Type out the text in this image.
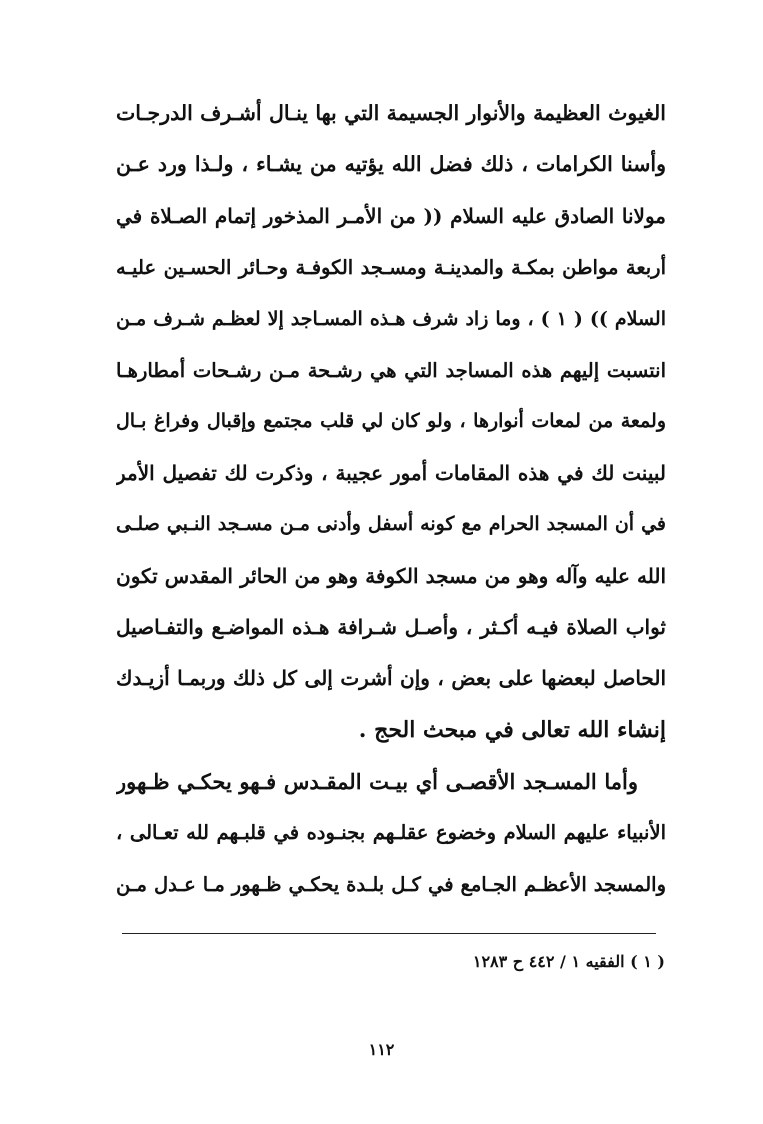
الغيوث العظيمة والأنوار الجسيمة التي بها ينـال أشـرف الدرجـات
وأسنا الكرامات ، ذلك فضل الله يؤتيه من يشـاء ، ولـذا ورد عـن
مولانا الصادق عليه السلام (( من الأمـر المذخور إتمام الصـلاة في
أربعة مواطن بمكـة والمدينـة ومسـجد الكوفـة وحـائر الحسـين عليـه
السلام )) ( ١ ) ، وما زاد شرف هـذه المسـاجد إلا لعظـم شـرف مـن
انتسبت إليهم هذه المساجد التي هي رشـحة مـن رشـحات أمطارهـا
ولمعة من لمعات أنوارها ، ولو كان لي قلب مجتمع وإقبال وفراغ بـال
لبينت لك في هذه المقامات أمور عجيبة ، وذكرت لك تفصيل الأمر
في أن المسجد الحرام مع كونه أسفل وأدنى مـن مسـجد النـبي صلـى
الله عليه وآله وهو من مسجد الكوفة وهو من الحائر المقدس تكون
ثواب الصلاة فيـه أكـثر ، وأصـل شـرافة هـذه المواضـع والتفـاصيل
الحاصل لبعضها على بعض ، وإن أشرت إلى كل ذلك وربمـا أزيـدك
إنشاء الله تعالى في مبحث الحج .
وأما المسـجد الأقصـى أي بيـت المقـدس فـهو يحكـي ظـهور
الأنبياء عليهم السلام وخضوع عقلـهم بجنـوده في قلبـهم لله تعـالى ،
والمسجد الأعظـم الجـامع في كـل بلـدة يحكـي ظـهور مـا عـدل مـن
( ١ ) الفقيه ١ / ٤٤٢ ح ١٢٨٣
١١٢
